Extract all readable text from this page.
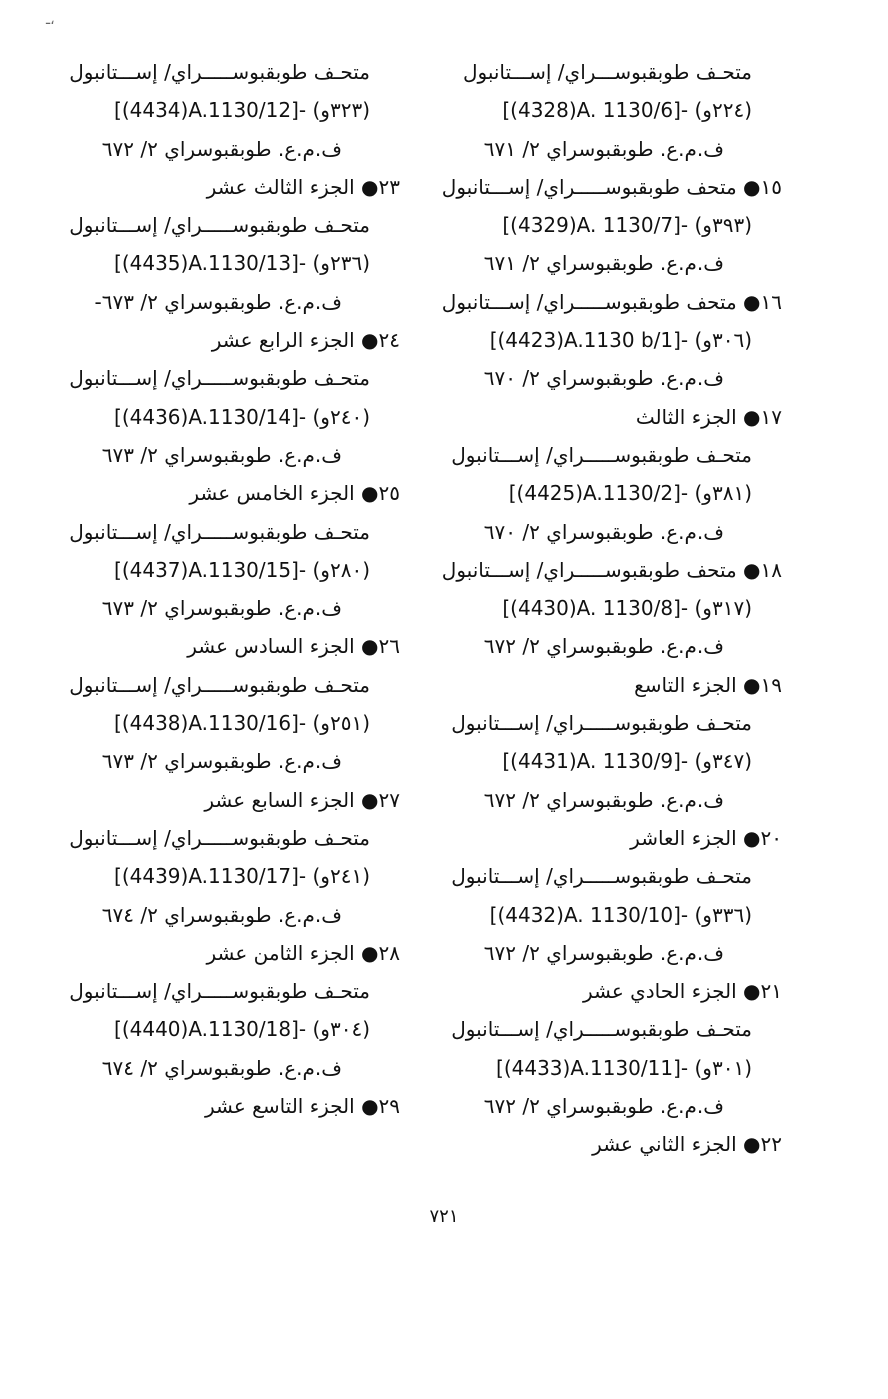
ـ،
متحـف طوبقبوســـراي/ إســـتانبول
[(4328)A. 1130/6]- (٢٢٤و)
ف.م.ع. طوبقبوسراي ٢/ ٦٧١
١٥● متحف طوبقبوســـــراي/ إســـتانبول
[(4329)A. 1130/7]- (٣٩٣و)
ف.م.ع. طوبقبوسراي ٢/ ٦٧١
١٦● متحف طوبقبوســـــراي/ إســـتانبول
[(4423)A.1130 b/1]- (٣٠٦و)
ف.م.ع. طوبقبوسراي ٢/ ٦٧٠
١٧● الجزء الثالث
متحـف طوبقبوســـــراي/ إســـتانبول
[(4425)A.1130/2]- (٣٨١و)
ف.م.ع. طوبقبوسراي ٢/ ٦٧٠
١٨● متحف طوبقبوســـــراي/ إســـتانبول
[(4430)A. 1130/8]- (٣١٧و)
ف.م.ع. طوبقبوسراي ٢/ ٦٧٢
١٩● الجزء التاسع
متحـف طوبقبوســـــراي/ إســـتانبول
[(4431)A. 1130/9]- (٣٤٧و)
ف.م.ع. طوبقبوسراي ٢/ ٦٧٢
٢٠● الجزء العاشر
متحـف طوبقبوســـــراي/ إســـتانبول
[(4432)A. 1130/10]- (٣٣٦و)
ف.م.ع. طوبقبوسراي ٢/ ٦٧٢
٢١● الجزء الحادي عشر
متحـف طوبقبوســـــراي/ إســـتانبول
[(4433)A.1130/11]- (٣٠١و)
ف.م.ع. طوبقبوسراي ٢/ ٦٧٢
٢٢● الجزء الثاني عشر
متحـف طوبقبوســـــراي/ إســـتانبول
[(4434)A.1130/12]- (٣٢٣و)
ف.م.ع. طوبقبوسراي ٢/ ٦٧٢
٢٣● الجزء الثالث عشر
متحـف طوبقبوســـــراي/ إســـتانبول
[(4435)A.1130/13]- (٢٣٦و)
ف.م.ع. طوبقبوسراي ٢/ ٦٧٣-
٢٤● الجزء الرابع عشر
متحـف طوبقبوســـــراي/ إســـتانبول
[(4436)A.1130/14]- (٢٤٠و)
ف.م.ع. طوبقبوسراي ٢/ ٦٧٣
٢٥● الجزء الخامس عشر
متحـف طوبقبوســـــراي/ إســـتانبول
[(4437)A.1130/15]- (٢٨٠و)
ف.م.ع. طوبقبوسراي ٢/ ٦٧٣
٢٦● الجزء السادس عشر
متحـف طوبقبوســـــراي/ إســـتانبول
[(4438)A.1130/16]- (٢٥١و)
ف.م.ع. طوبقبوسراي ٢/ ٦٧٣
٢٧● الجزء السابع عشر
متحـف طوبقبوســـــراي/ إســـتانبول
[(4439)A.1130/17]- (٢٤١و)
ف.م.ع. طوبقبوسراي ٢/ ٦٧٤
٢٨● الجزء الثامن عشر
متحـف طوبقبوســـــراي/ إســـتانبول
[(4440)A.1130/18]- (٣٠٤و)
ف.م.ع. طوبقبوسراي ٢/ ٦٧٤
٢٩● الجزء التاسع عشر
٧٢١
